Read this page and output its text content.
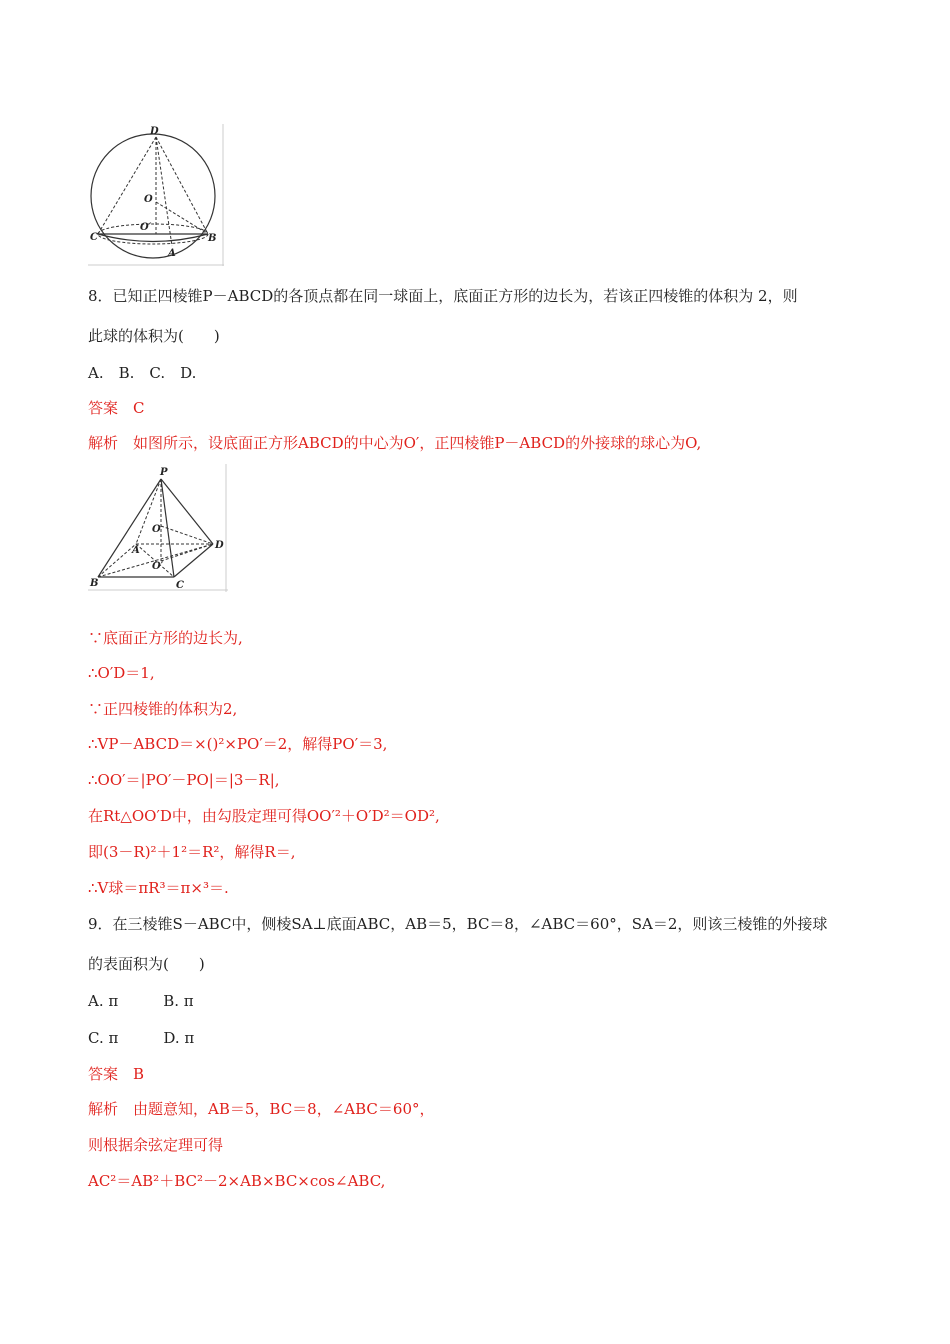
D
O
O′
C	B
A
P
O
A	D
O′
B	C
8．已知正四棱锥P－ABCD的各顶点都在同一球面上，底面正方形的边长为，若该正四棱锥的体积为 2，则
此球的体积为(　　)
A.　B.　C.　D.
答案　C
解析　如图所示，设底面正方形ABCD的中心为O′，正四棱锥P－ABCD的外接球的球心为O,
∵底面正方形的边长为,
∴O′D＝1,
∵正四棱锥的体积为2,
∴VP－ABCD＝×()²×PO′＝2，解得PO′＝3,
∴OO′＝|PO′－PO|＝|3－R|,
在Rt△OO′D中，由勾股定理可得OO′²＋O′D²＝OD²,
即(3－R)²＋1²＝R²，解得R＝,
∴V球＝πR³＝π×³＝.
9．在三棱锥S－ABC中，侧棱SA⊥底面ABC，AB＝5，BC＝8，∠ABC＝60°，SA＝2，则该三棱锥的外接球
的表面积为(　　)
A. π　　　B. π
C. π　　　D. π
答案　B
解析　由题意知，AB＝5，BC＝8，∠ABC＝60°，
则根据余弦定理可得
AC²＝AB²＋BC²－2×AB×BC×cos∠ABC,
